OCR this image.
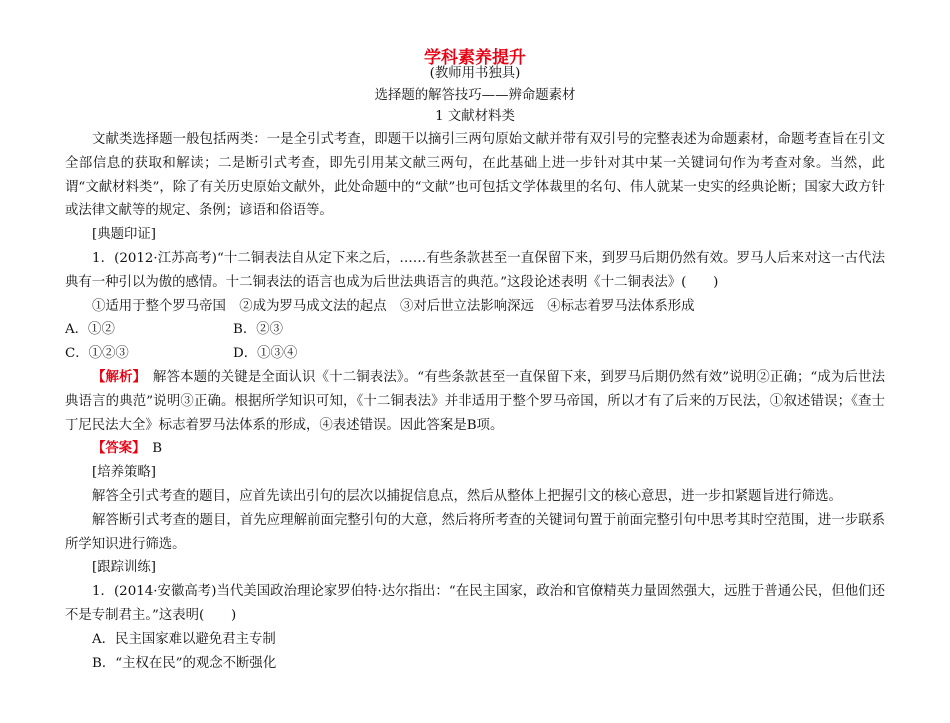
学科素养提升
(教师用书独具)
选择题的解答技巧——辨命题素材
1 文献材料类

文献类选择题一般包括两类：一是全引式考查，即题干以摘引三两句原始文献并带有双引号的完整表述为命题素材，命题考查旨在引文全部信息的获取和解读；二是断引式考查，即先引用某文献三两句，在此基础上进一步针对其中某一关键词句作为考查对象。当然，此谓“文献材料类”，除了有关历史原始文献外，此处命题中的“文献”也可包括文学体裁里的名句、伟人就某一史实的经典论断；国家大政方针或法律文献等的规定、条例；谚语和俗语等。

[典题印证]

1．(2012·江苏高考)“十二铜表法自从定下来之后，……有些条款甚至一直保留下来，到罗马后期仍然有效。罗马人后来对这一古代法典有一种引以为傲的感情。十二铜表法的语言也成为后世法典语言的典范。”这段论述表明《十二铜表法》(　　)

①适用于整个罗马帝国　②成为罗马成文法的起点　③对后世立法影响深远　④标志着罗马法体系形成

A．①②	B．②③
C．①②③	D．①③④

【解析】　解答本题的关键是全面认识《十二铜表法》。“有些条款甚至一直保留下来，到罗马后期仍然有效”说明②正确；“成为后世法典语言的典范”说明③正确。根据所学知识可知，《十二铜表法》并非适用于整个罗马帝国，所以才有了后来的万民法，①叙述错误；《查士丁尼民法大全》标志着罗马法体系的形成，④表述错误。因此答案是B项。

【答案】　B

[培养策略]

解答全引式考查的题目，应首先读出引句的层次以捕捉信息点，然后从整体上把握引文的核心意思，进一步扣紧题旨进行筛选。

解答断引式考查的题目，首先应理解前面完整引句的大意，然后将所考查的关键词句置于前面完整引句中思考其时空范围，进一步联系所学知识进行筛选。

[跟踪训练]

1．(2014·安徽高考)当代美国政治理论家罗伯特·达尔指出：“在民主国家，政治和官僚精英力量固然强大，远胜于普通公民，但他们还不是专制君主。”这表明(　　)

A．民主国家难以避免君主专制

B．“主权在民”的观念不断强化
